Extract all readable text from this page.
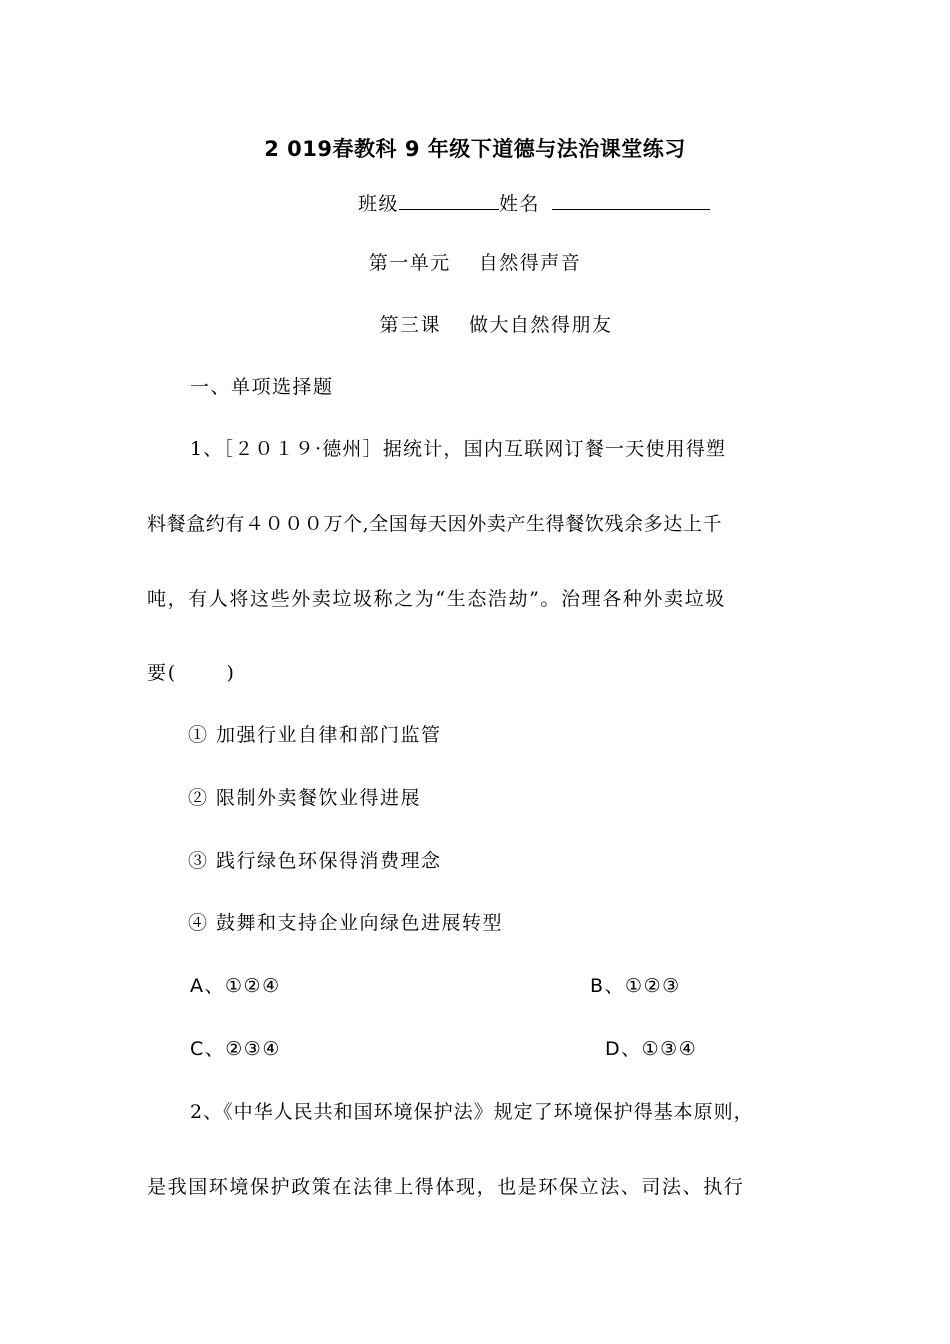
2 019春教科 9 年级下道德与法治课堂练习
班级	姓名
第一单元　 自然得声音
第三课　 做大自然得朋友
一、单项选择题
1、［２０１９·德州］据统计，国内互联网订餐一天使用得塑
料餐盒约有４０００万个,全国每天因外卖产生得餐饮残余多达上千
吨，有人将这些外卖垃圾称之为“生态浩劫”。治理各种外卖垃圾
要(　　 )
① 加强行业自律和部门监管
② 限制外卖餐饮业得进展
③ 践行绿色环保得消费理念
④ 鼓舞和支持企业向绿色进展转型
A、①②④	B、①②③
C、②③④	D、①③④
2、《中华人民共和国环境保护法》规定了环境保护得基本原则，
是我国环境保护政策在法律上得体现，也是环保立法、司法、执行
